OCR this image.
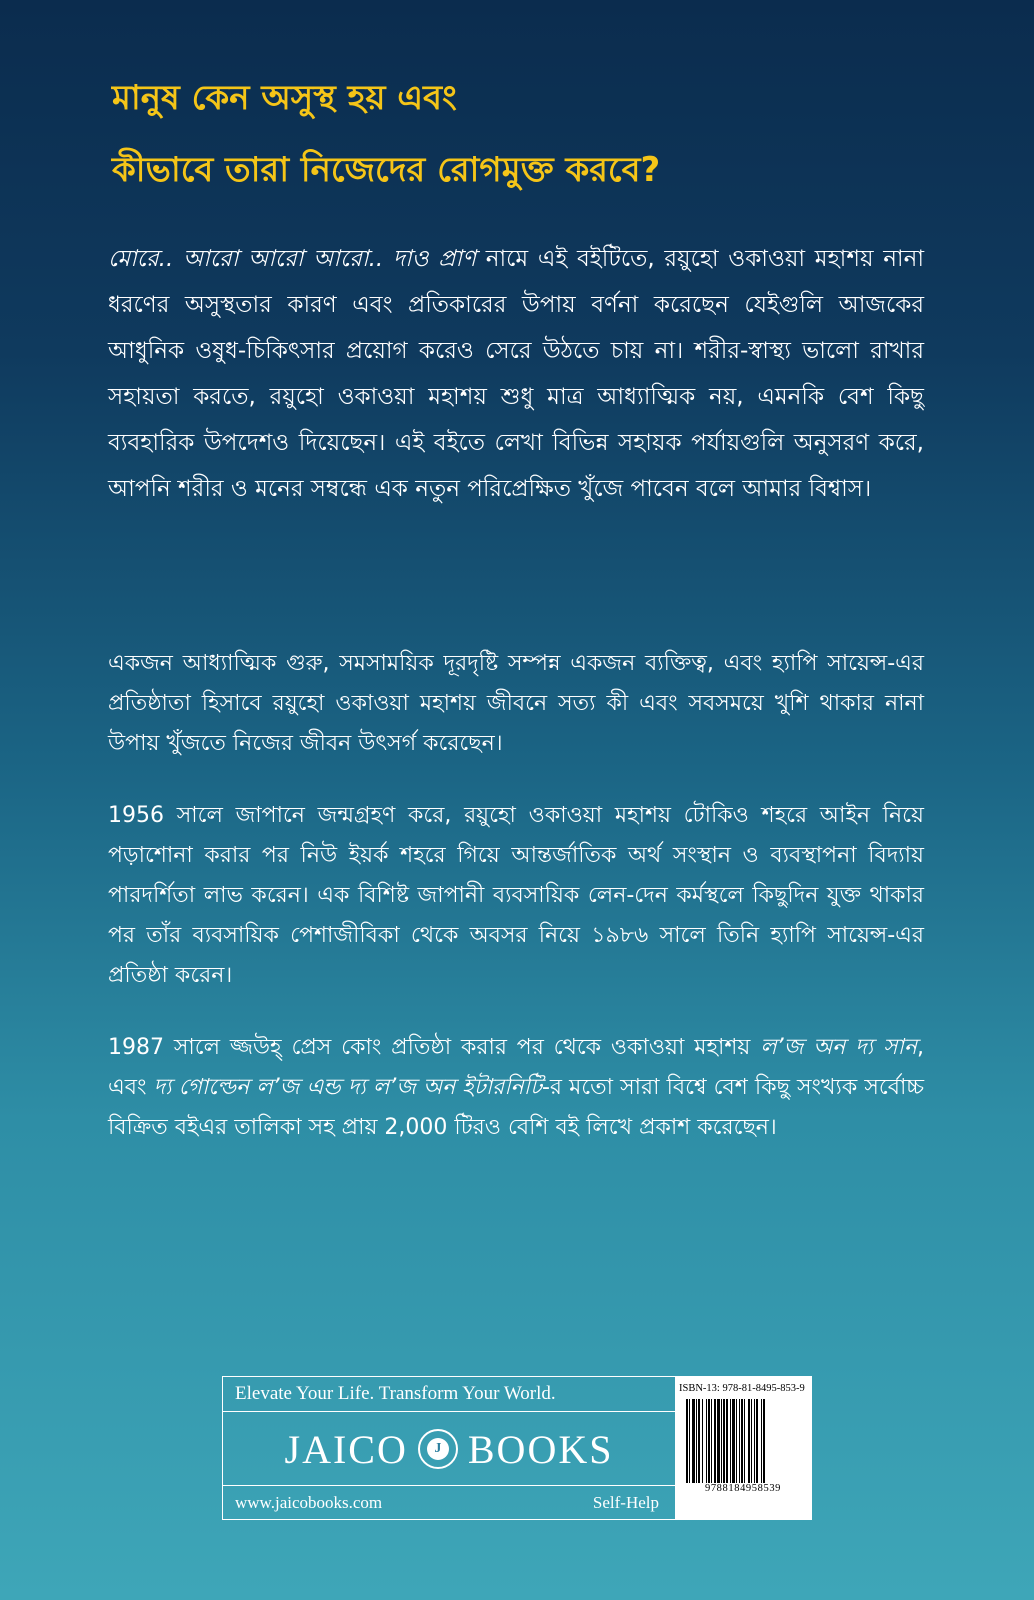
মানুষ কেন অসুস্থ হয় এবং
কীভাবে তারা নিজেদের রোগমুক্ত করবে?
মোরে.. আরো আরো আরো.. দাও প্রাণ নামে এই বইটিতে, রয়ুহো ওকাওয়া মহাশয় নানা ধরণের অসুস্থতার কারণ এবং প্রতিকারের উপায় বর্ণনা করেছেন যেইগুলি আজকের আধুনিক ওষুধ-চিকিৎসার প্রয়োগ করেও সেরে উঠতে চায় না। শরীর-স্বাস্থ্য ভালো রাখার সহায়তা করতে, রয়ুহো ওকাওয়া মহাশয় শুধু মাত্র আধ্যাত্মিক নয়, এমনকি বেশ কিছু ব্যবহারিক উপদেশও দিয়েছেন। এই বইতে লেখা বিভিন্ন সহায়ক পর্যায়গুলি অনুসরণ করে, আপনি শরীর ও মনের সম্বন্ধে এক নতুন পরিপ্রেক্ষিত খুঁজে পাবেন বলে আমার বিশ্বাস।
একজন আধ্যাত্মিক গুরু, সমসাময়িক দূরদৃষ্টি সম্পন্ন একজন ব্যক্তিত্ব, এবং হ্যাপি সায়েন্স-এর প্রতিষ্ঠাতা হিসাবে রয়ুহো ওকাওয়া মহাশয় জীবনে সত্য কী এবং সবসময়ে খুশি থাকার নানা উপায় খুঁজতে নিজের জীবন উৎসর্গ করেছেন।
1956 সালে জাপানে জন্মগ্রহণ করে, রয়ুহো ওকাওয়া মহাশয় টোকিও শহরে আইন নিয়ে পড়াশোনা করার পর নিউ ইয়র্ক শহরে গিয়ে আন্তর্জাতিক অর্থ সংস্থান ও ব্যবস্থাপনা বিদ্যায় পারদর্শিতা লাভ করেন। এক বিশিষ্ট জাপানী ব্যবসায়িক লেন-দেন কর্মস্থলে কিছুদিন যুক্ত থাকার পর তাঁর ব্যবসায়িক পেশাজীবিকা থেকে অবসর নিয়ে ১৯৮৬ সালে তিনি হ্যাপি সায়েন্স-এর প্রতিষ্ঠা করেন।
1987 সালে জ্জউহ্ প্রেস কোং প্রতিষ্ঠা করার পর থেকে ওকাওয়া মহাশয় ল’জ অন দ্য সান, এবং দ্য গোল্ডেন ল’জ এন্ড দ্য ল’জ অন ইটারনিটি-র মতো সারা বিশ্বে বেশ কিছু সংখ্যক সর্বোচ্চ বিক্রিত বইএর তালিকা সহ প্রায় 2,000 টিরও বেশি বই লিখে প্রকাশ করেছেন।
Elevate Your Life. Transform Your World.
JAICO	J BOOKS
www.jaicobooks.com	Self-Help
ISBN-13: 978-81-8495-853-9
9788184958539
